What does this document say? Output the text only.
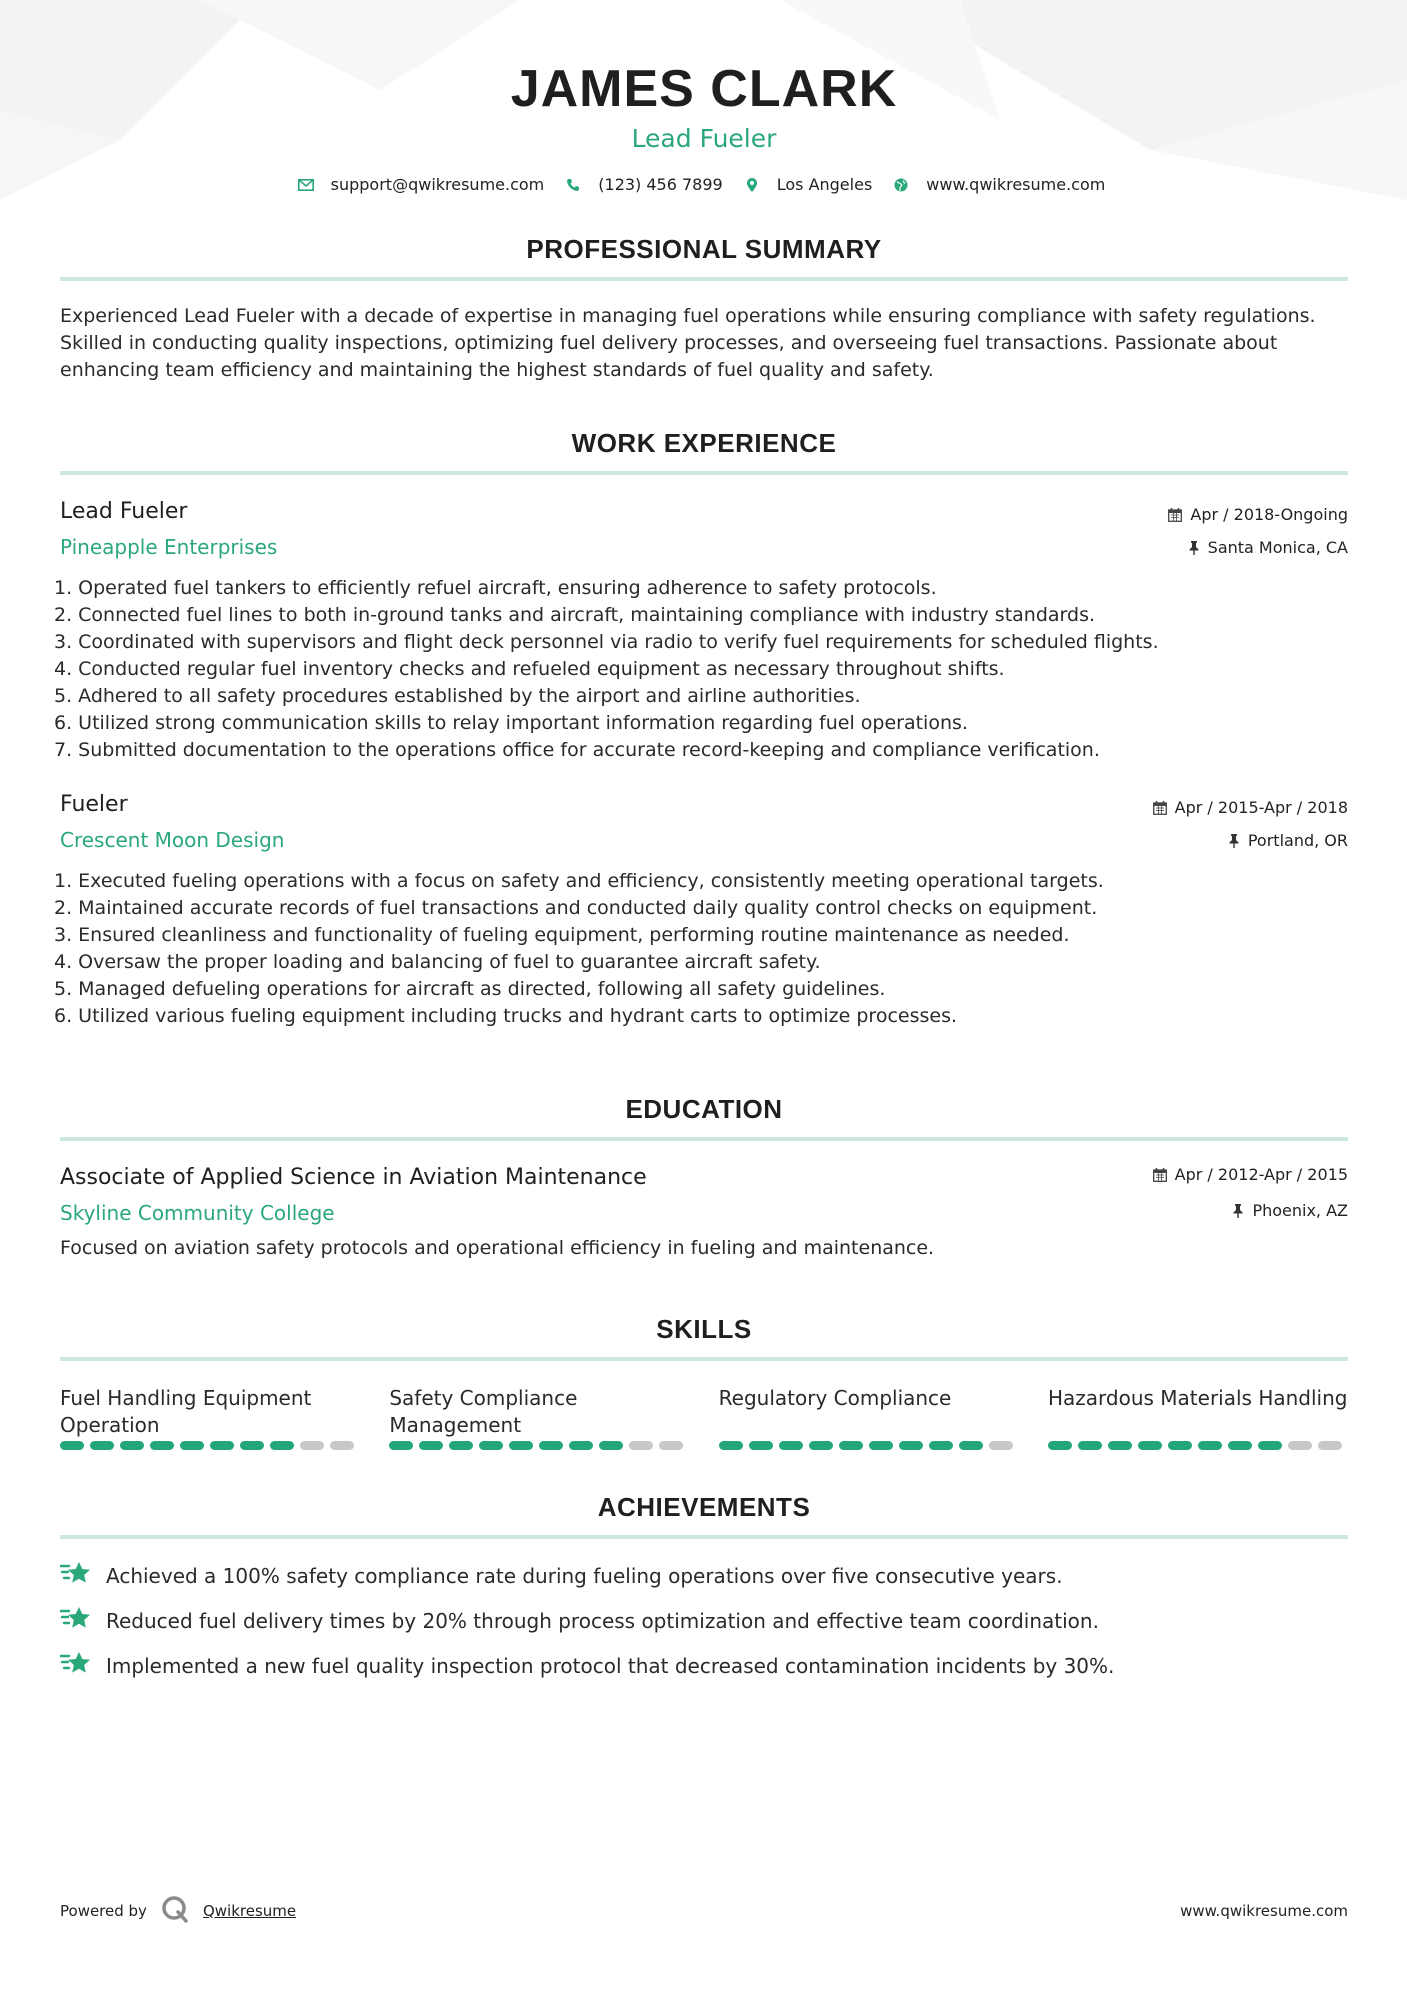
JAMES CLARK
Lead Fueler
support@qwikresume.com	(123) 456 7899	Los Angeles	www.qwikresume.com
PROFESSIONAL SUMMARY
Experienced Lead Fueler with a decade of expertise in managing fuel operations while ensuring compliance with safety regulations. Skilled in conducting quality inspections, optimizing fuel delivery processes, and overseeing fuel transactions. Passionate about enhancing team efficiency and maintaining the highest standards of fuel quality and safety.
WORK EXPERIENCE
Apr / 2018-Ongoing
Santa Monica, CA
Lead Fueler
Pineapple Enterprises
1. Operated fuel tankers to efficiently refuel aircraft, ensuring adherence to safety protocols.
2. Connected fuel lines to both in-ground tanks and aircraft, maintaining compliance with industry standards.
3. Coordinated with supervisors and flight deck personnel via radio to verify fuel requirements for scheduled flights.
4. Conducted regular fuel inventory checks and refueled equipment as necessary throughout shifts.
5. Adhered to all safety procedures established by the airport and airline authorities.
6. Utilized strong communication skills to relay important information regarding fuel operations.
7. Submitted documentation to the operations office for accurate record-keeping and compliance verification.
Apr / 2015-Apr / 2018
Portland, OR
Fueler
Crescent Moon Design
1. Executed fueling operations with a focus on safety and efficiency, consistently meeting operational targets.
2. Maintained accurate records of fuel transactions and conducted daily quality control checks on equipment.
3. Ensured cleanliness and functionality of fueling equipment, performing routine maintenance as needed.
4. Oversaw the proper loading and balancing of fuel to guarantee aircraft safety.
5. Managed defueling operations for aircraft as directed, following all safety guidelines.
6. Utilized various fueling equipment including trucks and hydrant carts to optimize processes.
EDUCATION
Apr / 2012-Apr / 2015
Phoenix, AZ
Associate of Applied Science in Aviation Maintenance
Skyline Community College
Focused on aviation safety protocols and operational efficiency in fueling and maintenance.
SKILLS
Fuel Handling Equipment Operation
Safety Compliance Management
Regulatory Compliance	Hazardous Materials Handling
ACHIEVEMENTS
Achieved a 100% safety compliance rate during fueling operations over five consecutive years.
Reduced fuel delivery times by 20% through process optimization and effective team coordination.
Implemented a new fuel quality inspection protocol that decreased contamination incidents by 30%.
Powered by	Qwikresume	www.qwikresume.com
